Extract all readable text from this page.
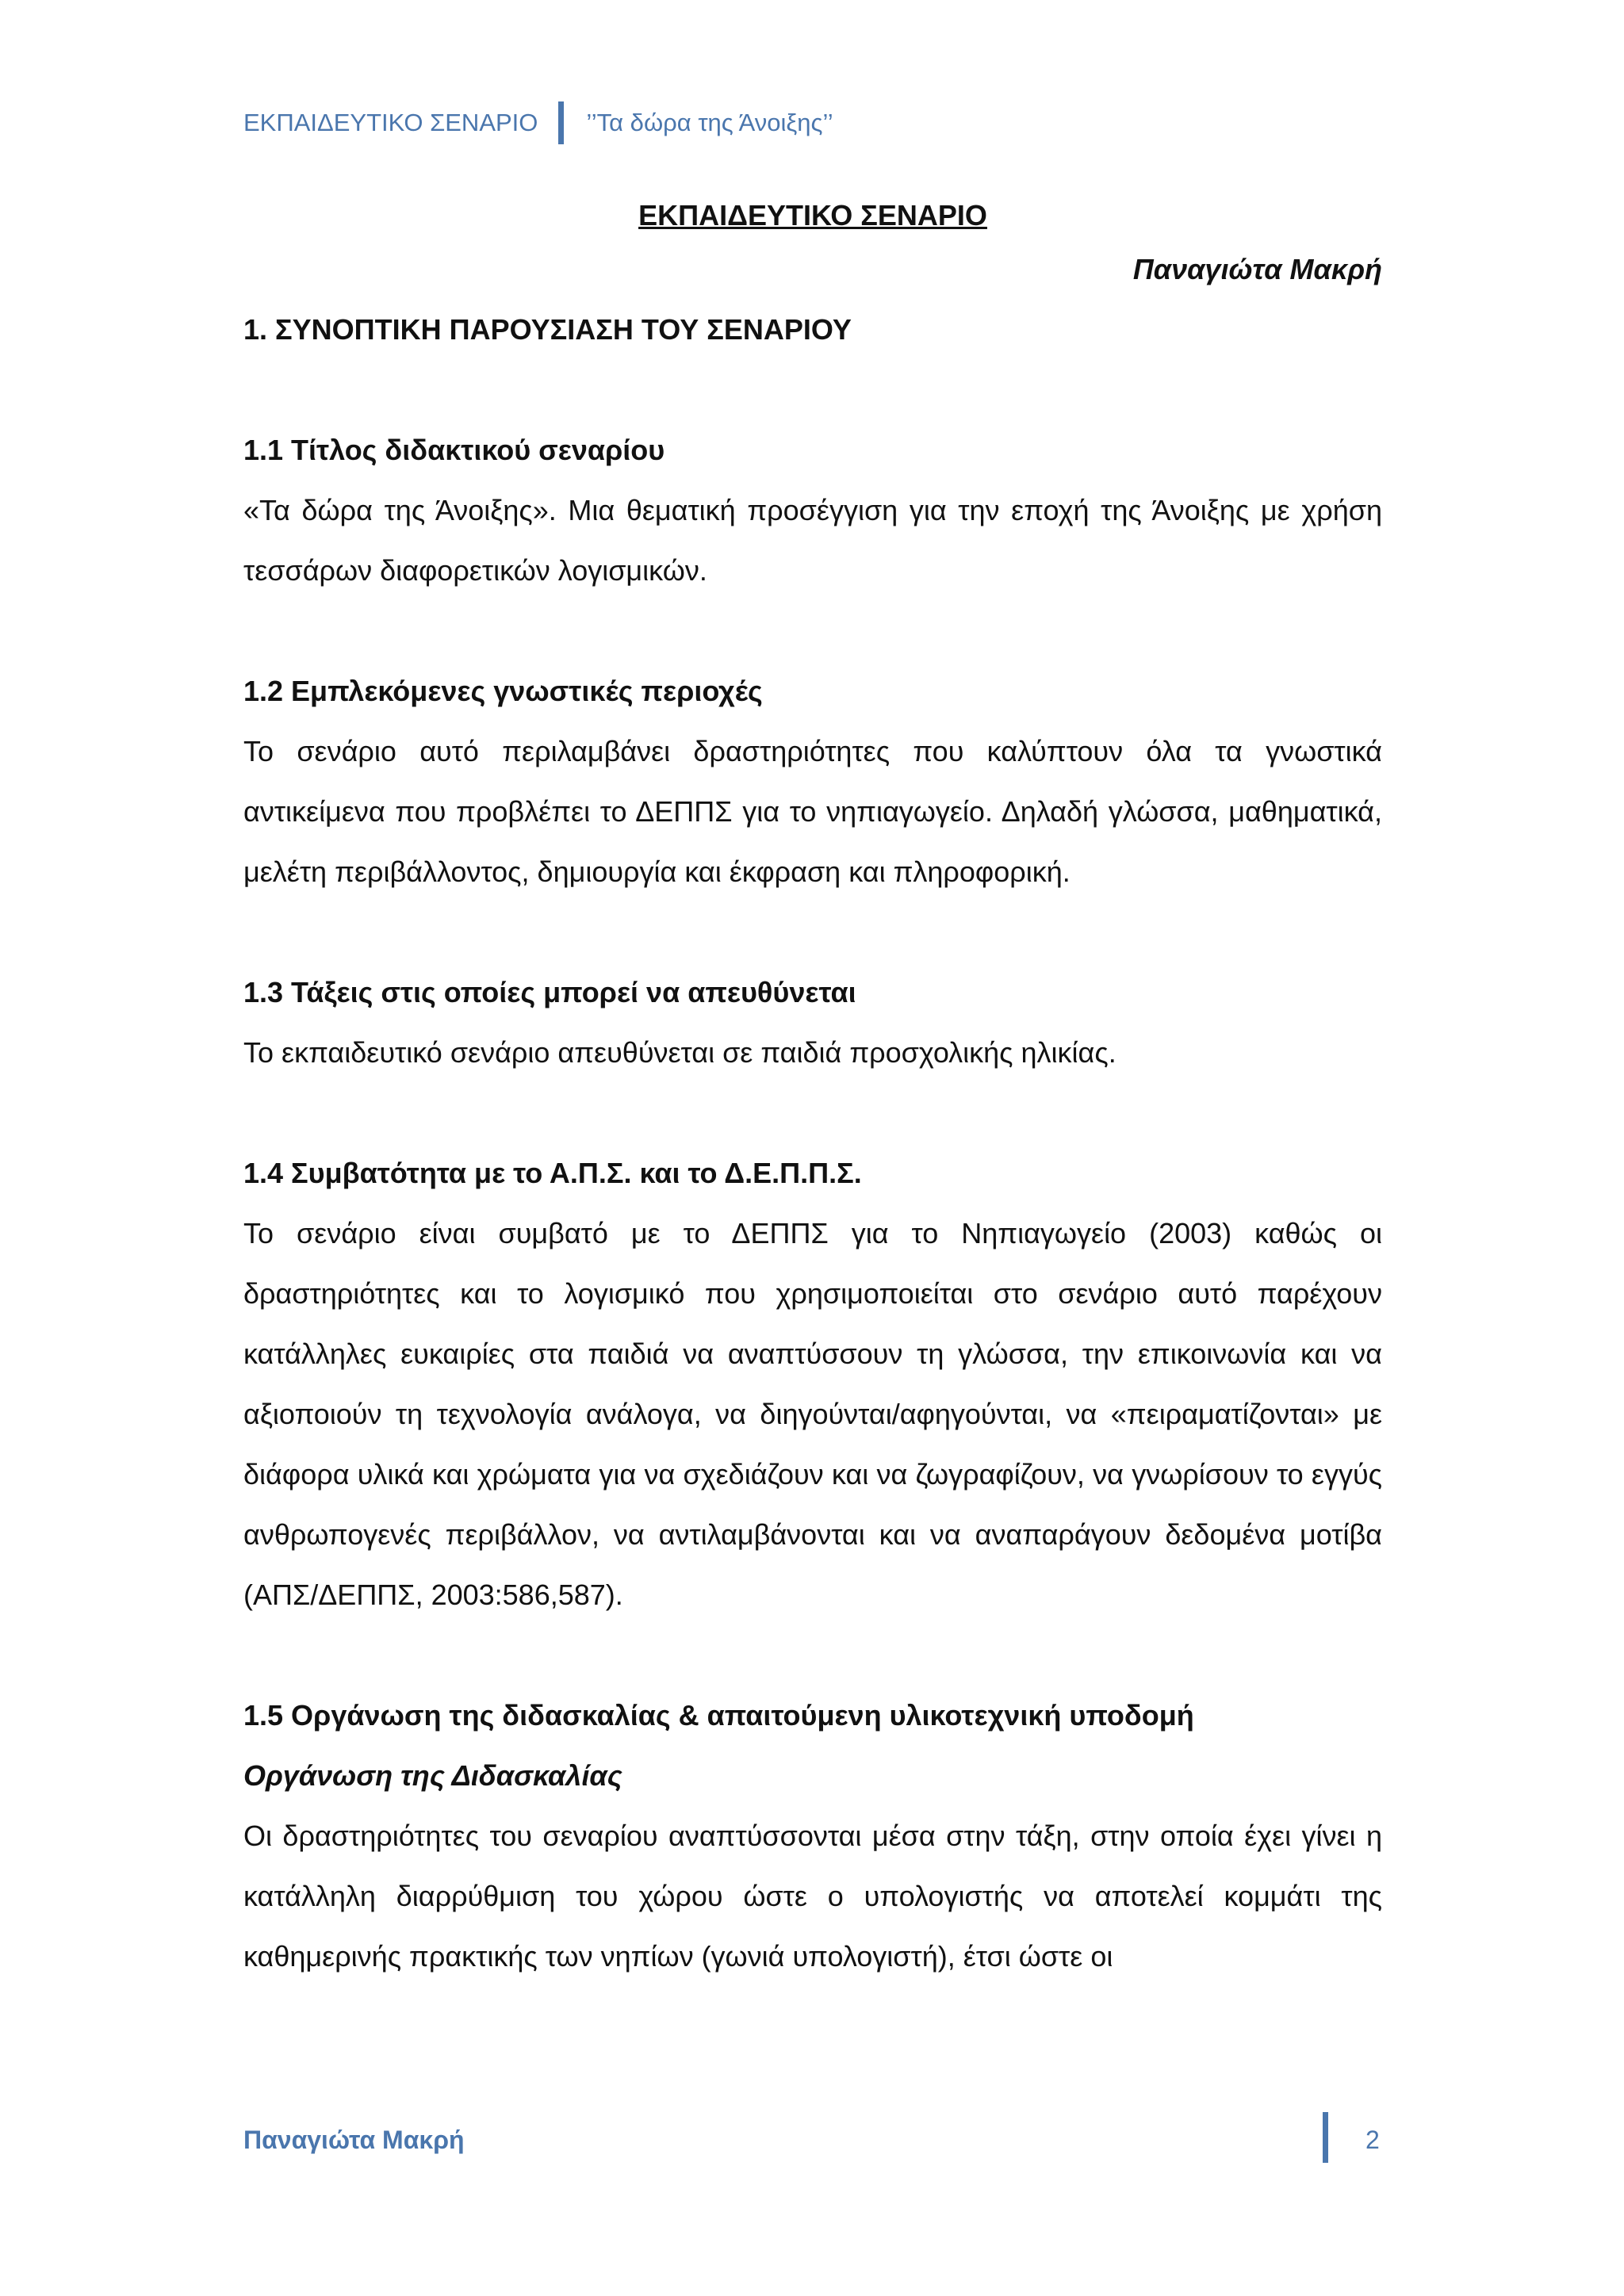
ΕΚΠΑΙΔΕΥΤΙΚΟ ΣΕΝΑΡΙΟ ’’Τα δώρα της Άνοιξης’’

ΕΚΠΑΙΔΕΥΤΙΚΟ ΣΕΝΑΡΙΟ

Παναγιώτα Μακρή

1. ΣΥΝΟΠΤΙΚΗ ΠΑΡΟΥΣΙΑΣΗ ΤΟΥ ΣΕΝΑΡΙΟΥ

1.1 Τίτλος διδακτικού σεναρίου

«Τα δώρα της Άνοιξης». Μια θεματική προσέγγιση για την εποχή της Άνοιξης με χρήση τεσσάρων διαφορετικών λογισμικών.

1.2 Εμπλεκόμενες γνωστικές περιοχές

Το σενάριο αυτό περιλαμβάνει δραστηριότητες που καλύπτουν όλα τα γνωστικά αντικείμενα που προβλέπει το ΔΕΠΠΣ για το νηπιαγωγείο. Δηλαδή γλώσσα, μαθηματικά, μελέτη περιβάλλοντος, δημιουργία και έκφραση και πληροφορική.

1.3 Τάξεις στις οποίες μπορεί να απευθύνεται

Το εκπαιδευτικό σενάριο απευθύνεται σε παιδιά προσχολικής ηλικίας.

1.4 Συμβατότητα με το Α.Π.Σ. και το Δ.Ε.Π.Π.Σ.

Το σενάριο είναι συμβατό με το ΔΕΠΠΣ για το Νηπιαγωγείο (2003) καθώς οι δραστηριότητες και το λογισμικό που χρησιμοποιείται στο σενάριο αυτό παρέχουν κατάλληλες ευκαιρίες στα παιδιά να αναπτύσσουν τη γλώσσα, την επικοινωνία και να αξιοποιούν τη τεχνολογία ανάλογα, να διηγούνται/αφηγούνται, να «πειραματίζονται» με διάφορα υλικά και χρώματα για να σχεδιάζουν και να ζωγραφίζουν, να γνωρίσουν το εγγύς ανθρωπογενές περιβάλλον, να αντιλαμβάνονται και να αναπαράγουν δεδομένα μοτίβα (ΑΠΣ/ΔΕΠΠΣ, 2003:586,587).

1.5 Οργάνωση της διδασκαλίας & απαιτούμενη υλικοτεχνική υποδομή

Οργάνωση της Διδασκαλίας

Οι δραστηριότητες του σεναρίου αναπτύσσονται μέσα στην τάξη, στην οποία έχει γίνει η κατάλληλη διαρρύθμιση του χώρου ώστε ο υπολογιστής να αποτελεί κομμάτι της καθημερινής πρακτικής των νηπίων (γωνιά υπολογιστή), έτσι ώστε οι

Παναγιώτα Μακρή	2
